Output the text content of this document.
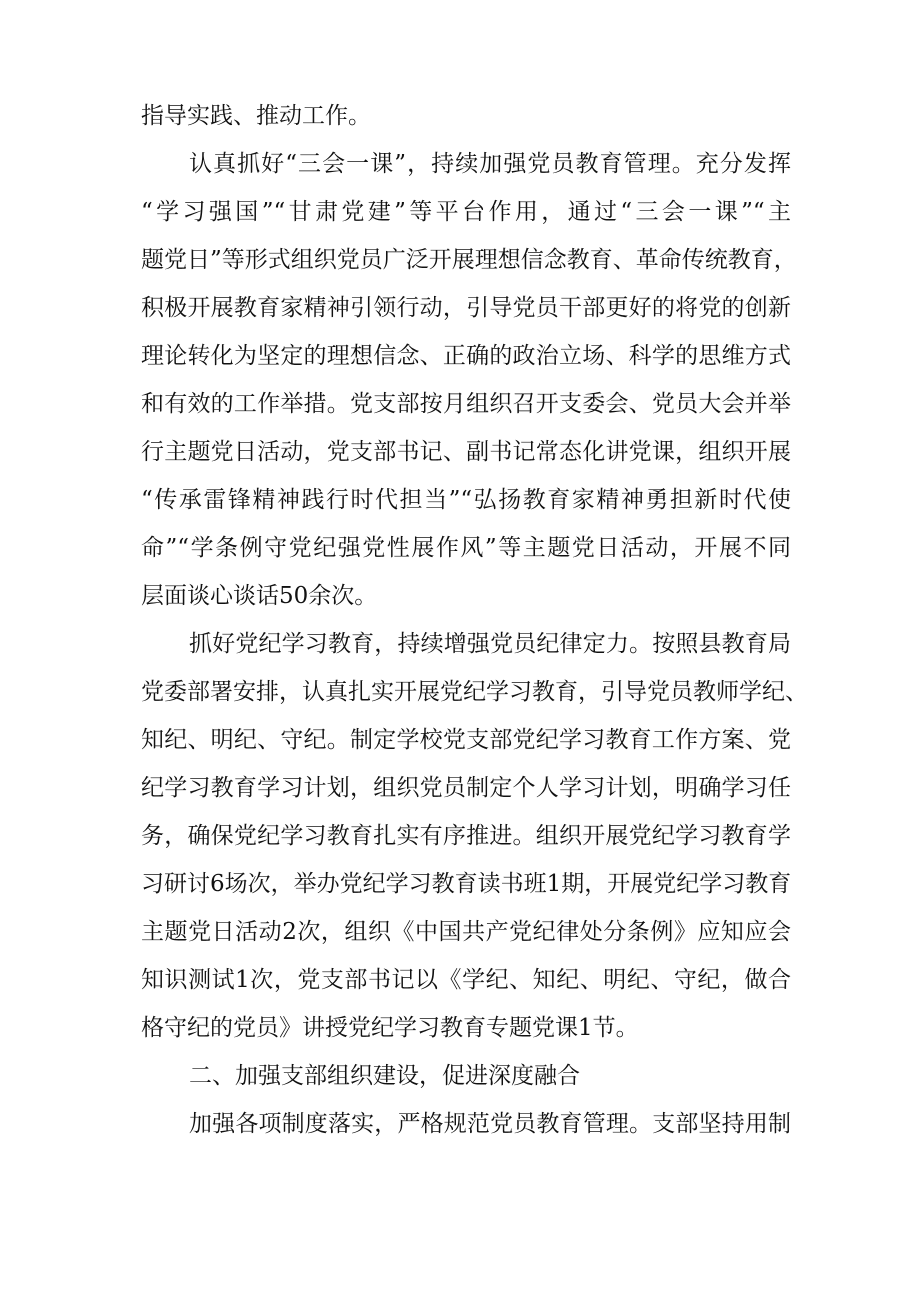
指导实践、推动工作。
认真抓好“三会一课”，持续加强党员教育管理。充分发挥
“学习强国”“甘肃党建”等平台作用，通过“三会一课”“主
题党日”等形式组织党员广泛开展理想信念教育、革命传统教育，
积极开展教育家精神引领行动，引导党员干部更好的将党的创新
理论转化为坚定的理想信念、正确的政治立场、科学的思维方式
和有效的工作举措。党支部按月组织召开支委会、党员大会并举
行主题党日活动，党支部书记、副书记常态化讲党课，组织开展
“传承雷锋精神践行时代担当”“弘扬教育家精神勇担新时代使
命”“学条例守党纪强党性展作风”等主题党日活动，开展不同
层面谈心谈话50余次。
抓好党纪学习教育，持续增强党员纪律定力。按照县教育局
党委部署安排，认真扎实开展党纪学习教育，引导党员教师学纪、
知纪、明纪、守纪。制定学校党支部党纪学习教育工作方案、党
纪学习教育学习计划，组织党员制定个人学习计划，明确学习任
务，确保党纪学习教育扎实有序推进。组织开展党纪学习教育学
习研讨6场次，举办党纪学习教育读书班1期，开展党纪学习教育
主题党日活动2次，组织《中国共产党纪律处分条例》应知应会
知识测试1次，党支部书记以《学纪、知纪、明纪、守纪，做合
格守纪的党员》讲授党纪学习教育专题党课1节。
二、加强支部组织建设，促进深度融合
加强各项制度落实，严格规范党员教育管理。支部坚持用制
